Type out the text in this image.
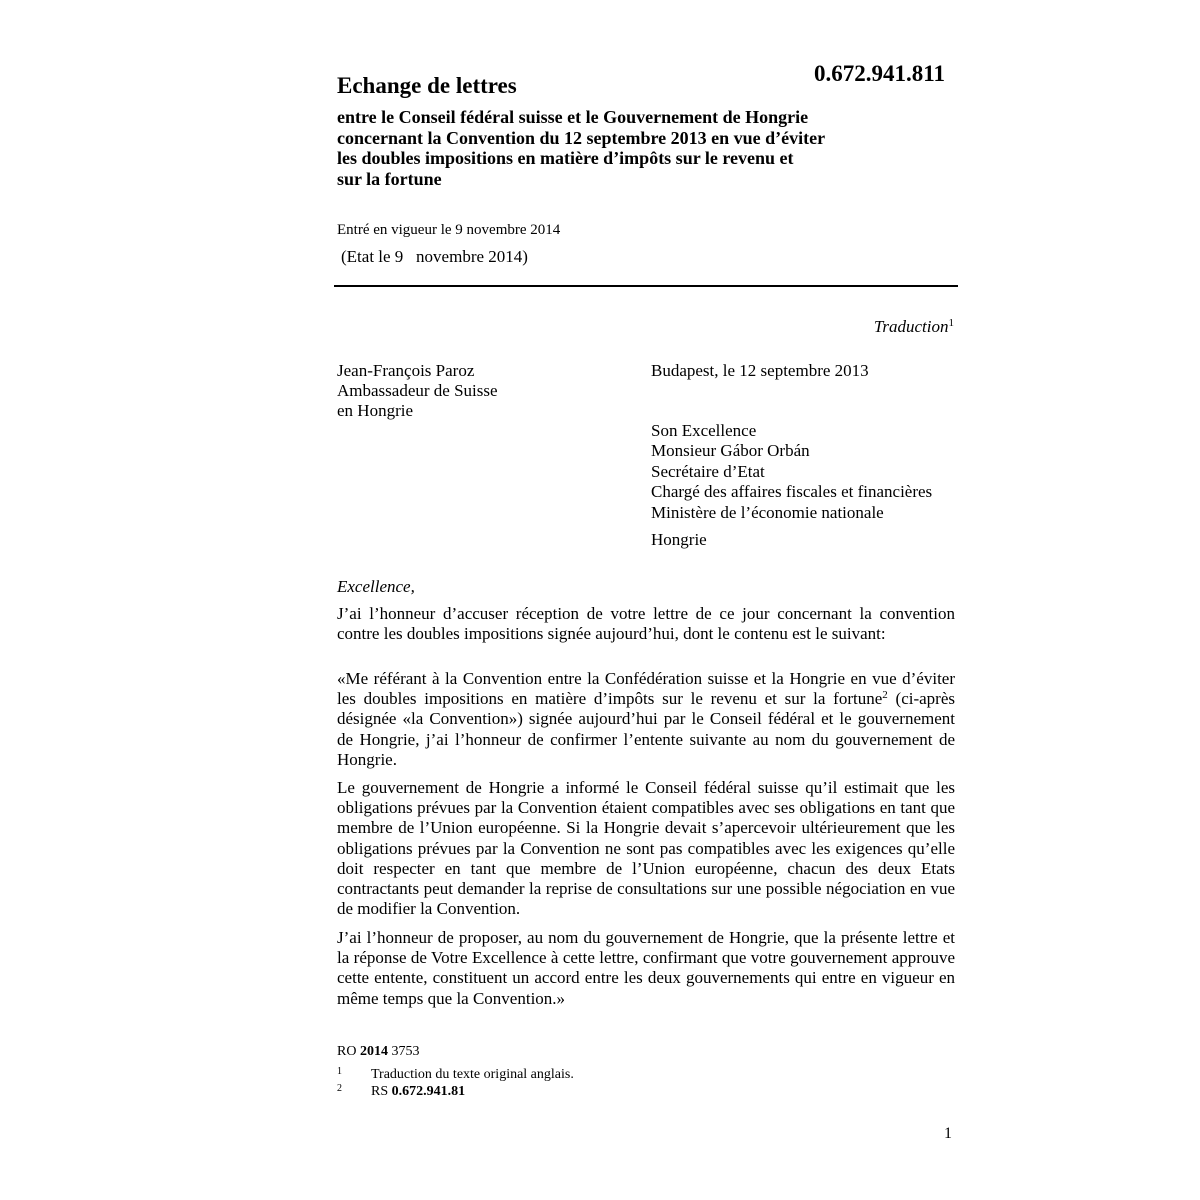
0.672.941.811
Echange de lettres
entre le Conseil fédéral suisse et le Gouvernement de Hongrie
concernant la Convention du 12 septembre 2013 en vue d’éviter
les doubles impositions en matière d’impôts sur le revenu et
sur la fortune
Entré en vigueur le 9 novembre 2014
(Etat le 9   novembre 2014)
Traduction$^1$
Jean-François Paroz
Ambassadeur de Suisse
en Hongrie
Budapest, le 12 septembre 2013
Son Excellence
Monsieur Gábor Orbán
Secrétaire d’Etat
Chargé des affaires fiscales et financières
Ministère de l’économie nationale
Hongrie
Excellence,

J’ai l’honneur d’accuser réception de votre lettre de ce jour concernant la convention contre les doubles impositions signée aujourd’hui, dont le contenu est le suivant:

«Me référant à la Convention entre la Confédération suisse et la Hongrie en vue d’éviter les doubles impositions en matière d’impôts sur le revenu et sur la fortune$^2$ (ci-après désignée «la Convention») signée aujourd’hui par le Conseil fédéral et le gouvernement de Hongrie, j’ai l’honneur de confirmer l’entente suivante au nom du gouvernement de Hongrie.

Le gouvernement de Hongrie a informé le Conseil fédéral suisse qu’il estimait que les obligations prévues par la Convention étaient compatibles avec ses obligations en tant que membre de l’Union européenne. Si la Hongrie devait s’apercevoir ultérieurement que les obligations prévues par la Convention ne sont pas compatibles avec les exigences qu’elle doit respecter en tant que membre de l’Union européenne, chacun des deux Etats contractants peut demander la reprise de consultations sur une possible négociation en vue de modifier la Convention.

J’ai l’honneur de proposer, au nom du gouvernement de Hongrie, que la présente lettre et la réponse de Votre Excellence à cette lettre, confirmant que votre gouvernement approuve cette entente, constituent un accord entre les deux gouvernements qui entre en vigueur en même temps que la Convention.»

RO 2014 3753
1 Traduction du texte original anglais.
2 RS 0.672.941.81
1
